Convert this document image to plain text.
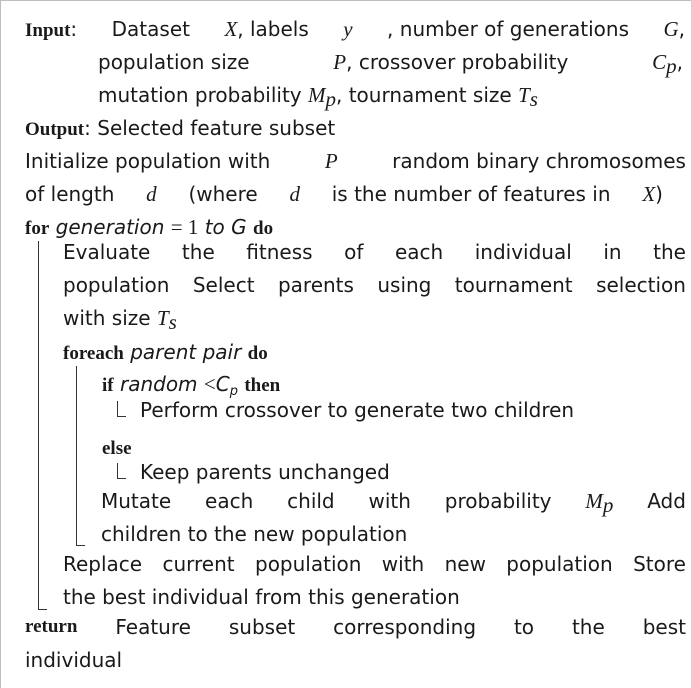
Input: Dataset X, labels y , number of generations G,
population size	P, crossover probability	$C_p$,
mutation probability $M_p$, tournament size $T_s$
Output: Selected feature subset
Initialize population with	P	random binary chromosomes
of length d (where d is the number of features in X)
for generation = 1 to G do
Evaluate the fitness of each individual in the
population Select parents using tournament selection
with size $T_s$
foreach parent pair do
if random $<C_p$ then
Perform crossover to generate two children
else
Keep parents unchanged
Mutate each child with probability $M_p$ Add
children to the new population
Replace current population with new population Store
the best individual from this generation
return Feature subset corresponding to the best
individual
